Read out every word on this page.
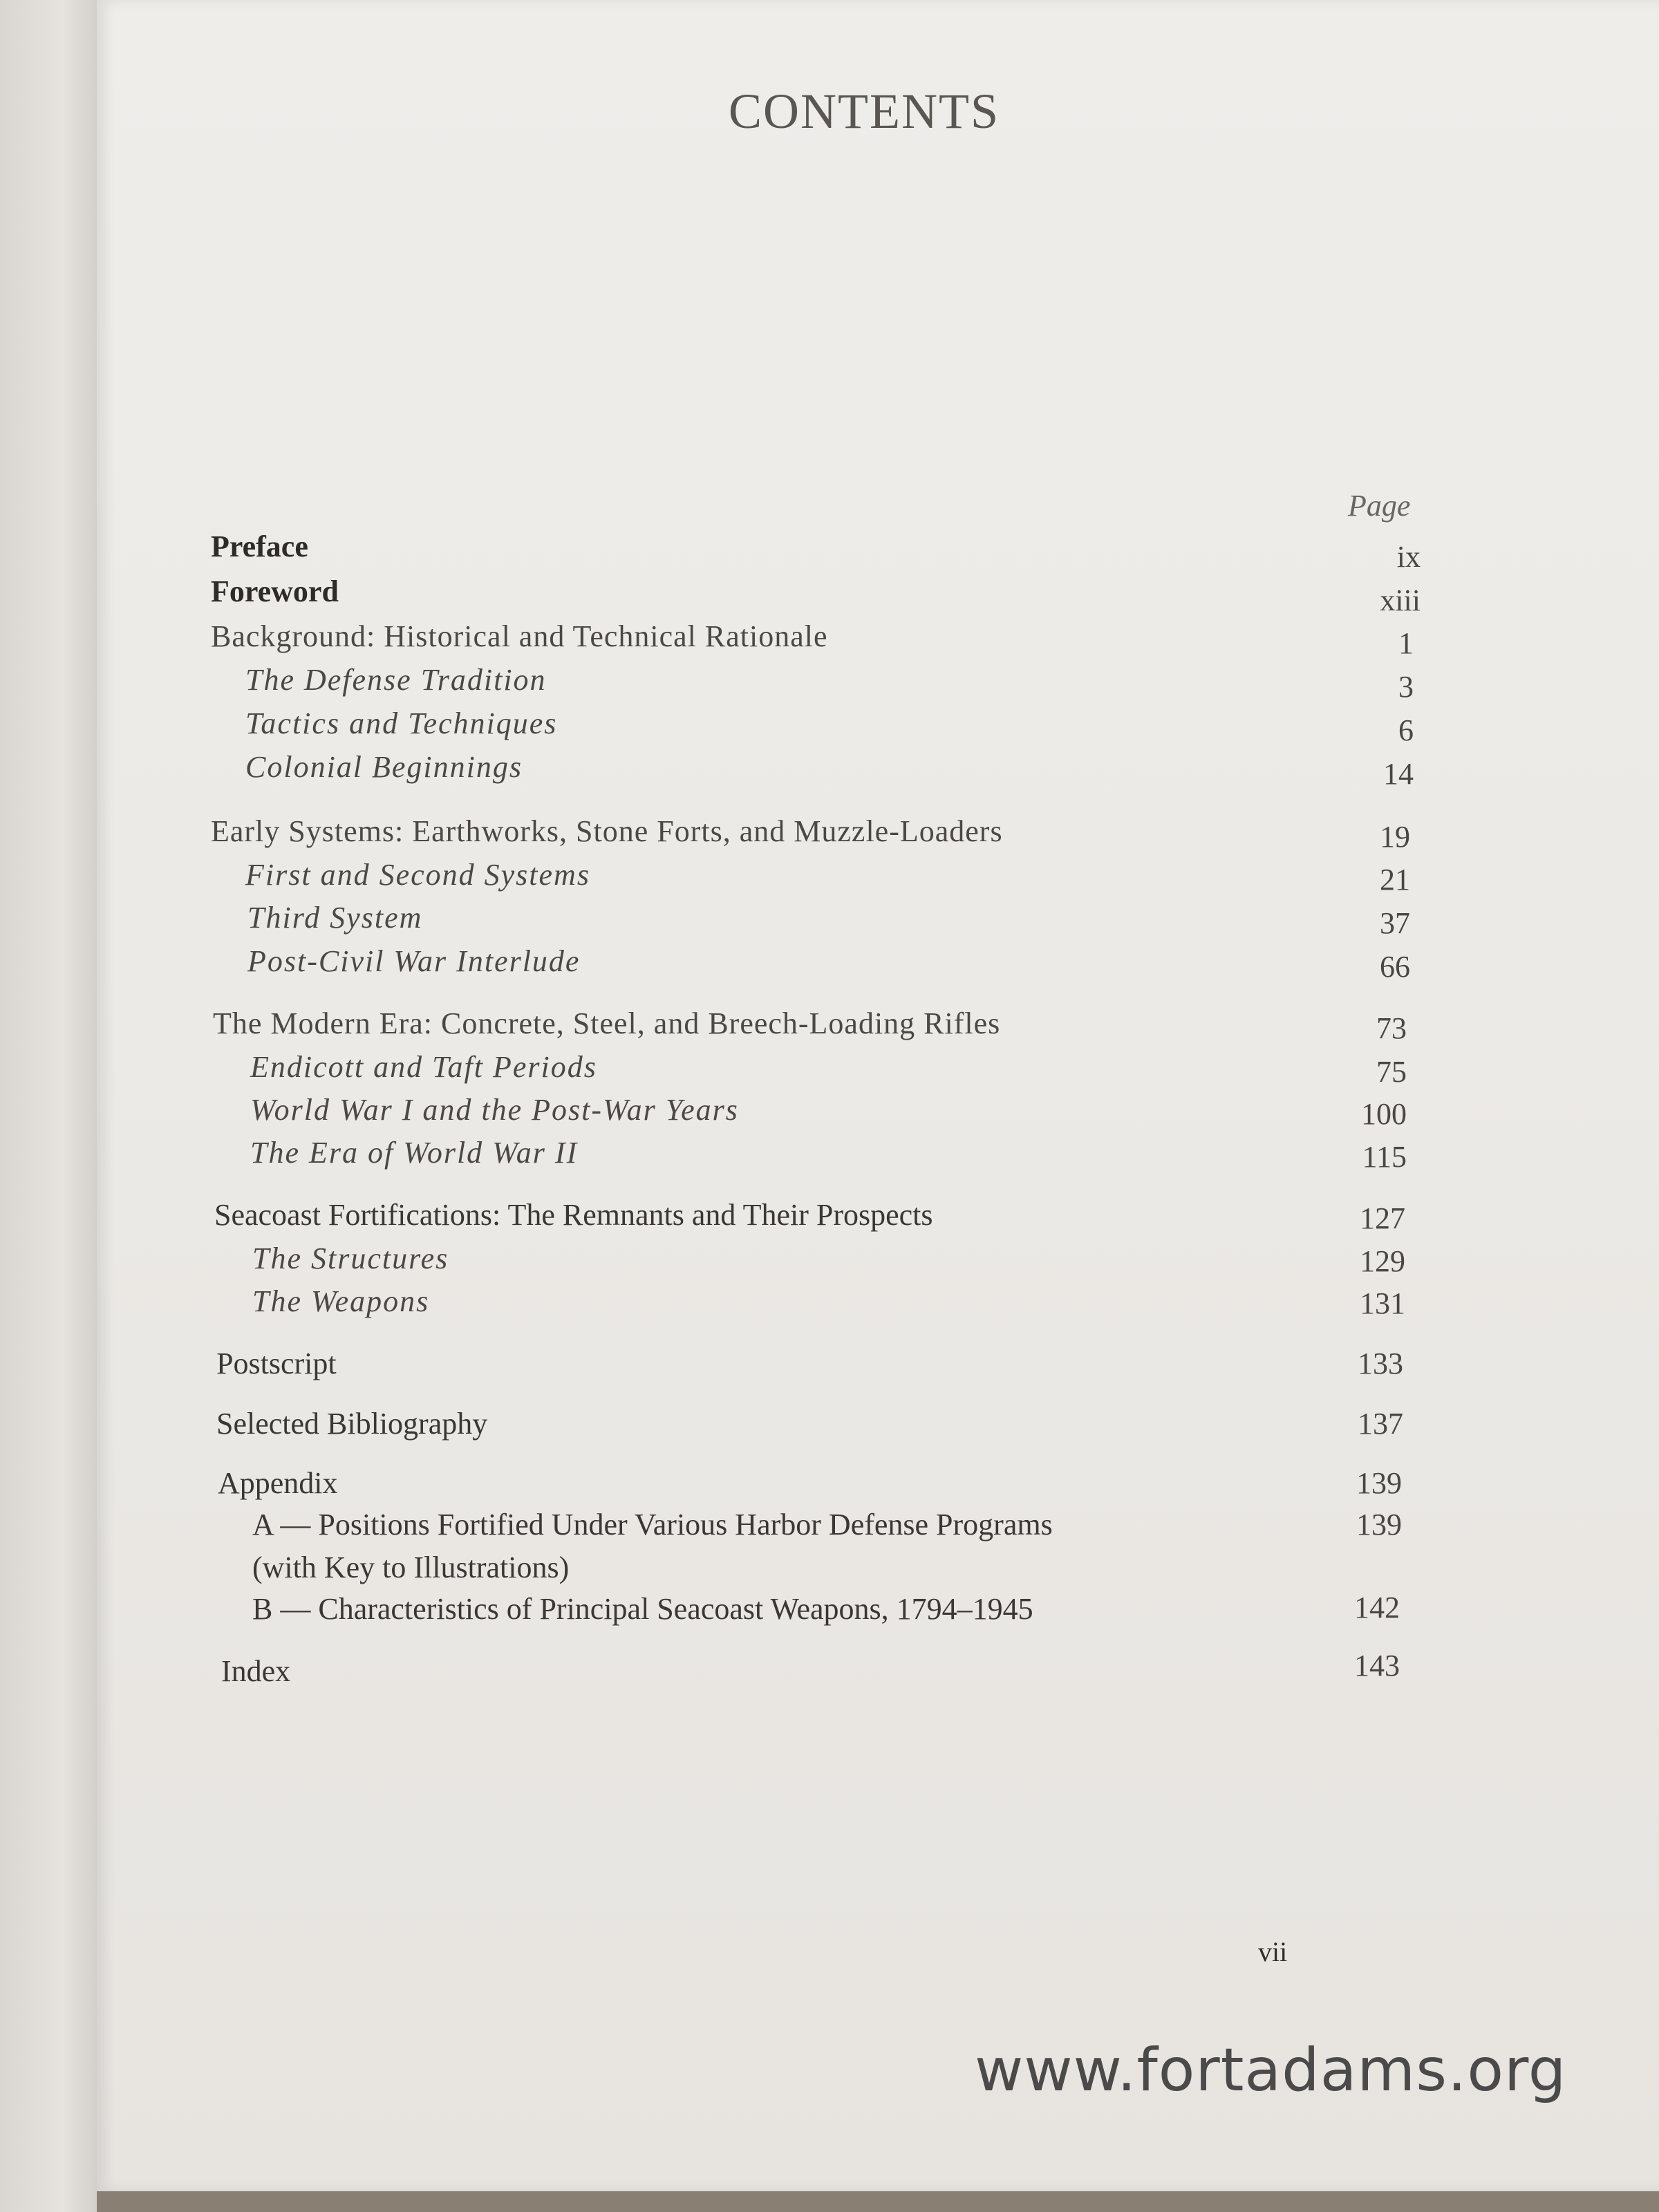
CONTENTS
Page
Preface	ix
Foreword	xiii
Background: Historical and Technical Rationale	1
The Defense Tradition	3
Tactics and Techniques	6
Colonial Beginnings	14
Early Systems: Earthworks, Stone Forts, and Muzzle-Loaders	19
First and Second Systems	21
Third System	37
Post-Civil War Interlude	66
The Modern Era: Concrete, Steel, and Breech-Loading Rifles	73
Endicott and Taft Periods	75
World War I and the Post-War Years	100
The Era of World War II	115
Seacoast Fortifications: The Remnants and Their Prospects	127
The Structures	129
The Weapons	131
Postscript	133
Selected Bibliography	137
Appendix	139
A — Positions Fortified Under Various Harbor Defense Programs	139
(with Key to Illustrations)
B — Characteristics of Principal Seacoast Weapons, 1794–1945	142
Index	143
vii
www.fortadams.org
